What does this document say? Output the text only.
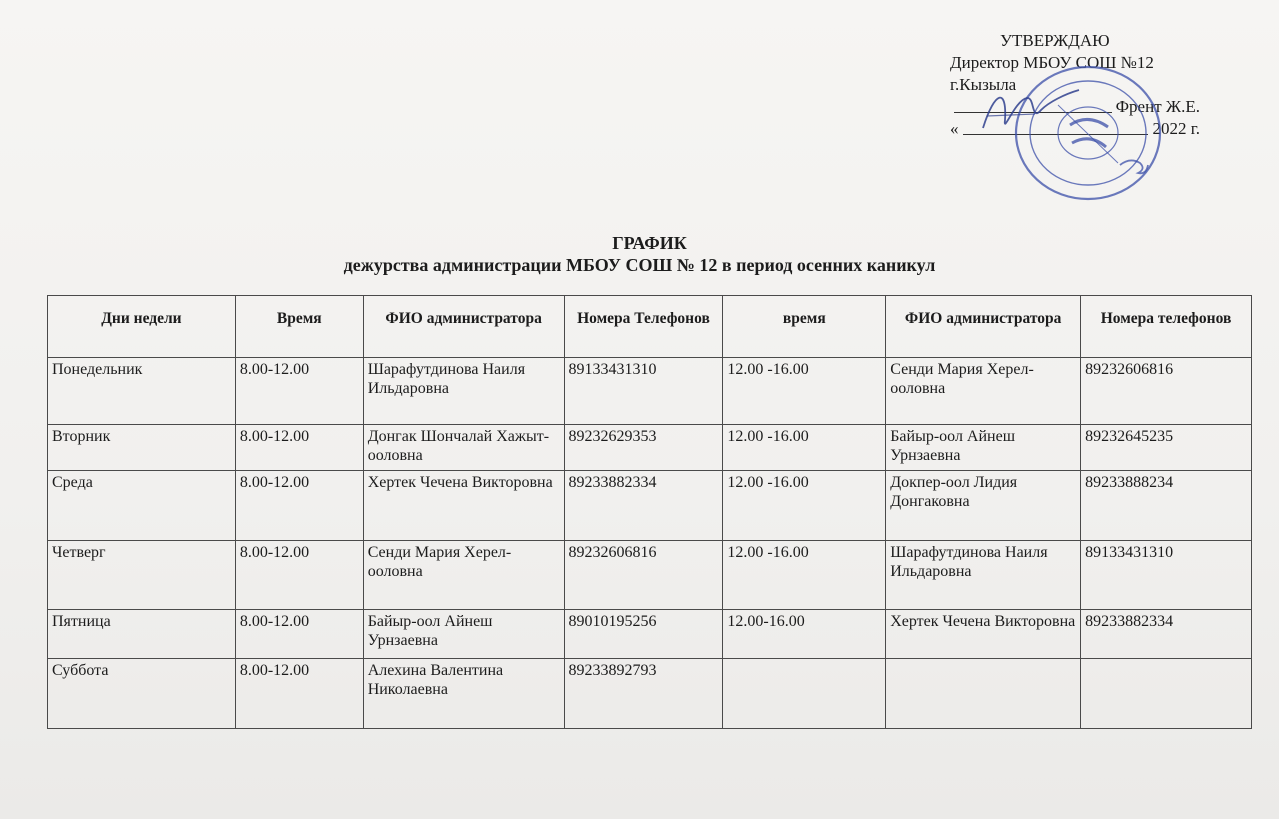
УТВЕРЖДАЮ
Директор МБОУ СОШ №12
г.Кызыла
Френт Ж.Е.
«	2022 г.
ГРАФИК
дежурства администрации МБОУ СОШ № 12 в период осенних каникул
Дни недели	Время	ФИО администратора	Номера Телефонов	время	ФИО администратора	Номера телефонов
Понедельник	8.00-12.00	Шарафутдинова Наиля Ильдаровна	89133431310	12.00 -16.00	Сенди Мария Херел-ооловна	89232606816
Вторник	8.00-12.00	Донгак Шончалай Хажыт-ооловна	89232629353	12.00 -16.00	Байыр-оол Айнеш Урнзаевна	89232645235
Среда	8.00-12.00	Хертек Чечена Викторовна	89233882334	12.00 -16.00	Докпер-оол Лидия Донгаковна	89233888234
Четверг	8.00-12.00	Сенди Мария Херел-ооловна	89232606816	12.00 -16.00	Шарафутдинова Наиля Ильдаровна	89133431310
Пятница	8.00-12.00	Байыр-оол Айнеш Урнзаевна	89010195256	12.00-16.00	Хертек Чечена Викторовна	89233882334
Суббота	8.00-12.00	Алехина Валентина Николаевна	89233892793			
